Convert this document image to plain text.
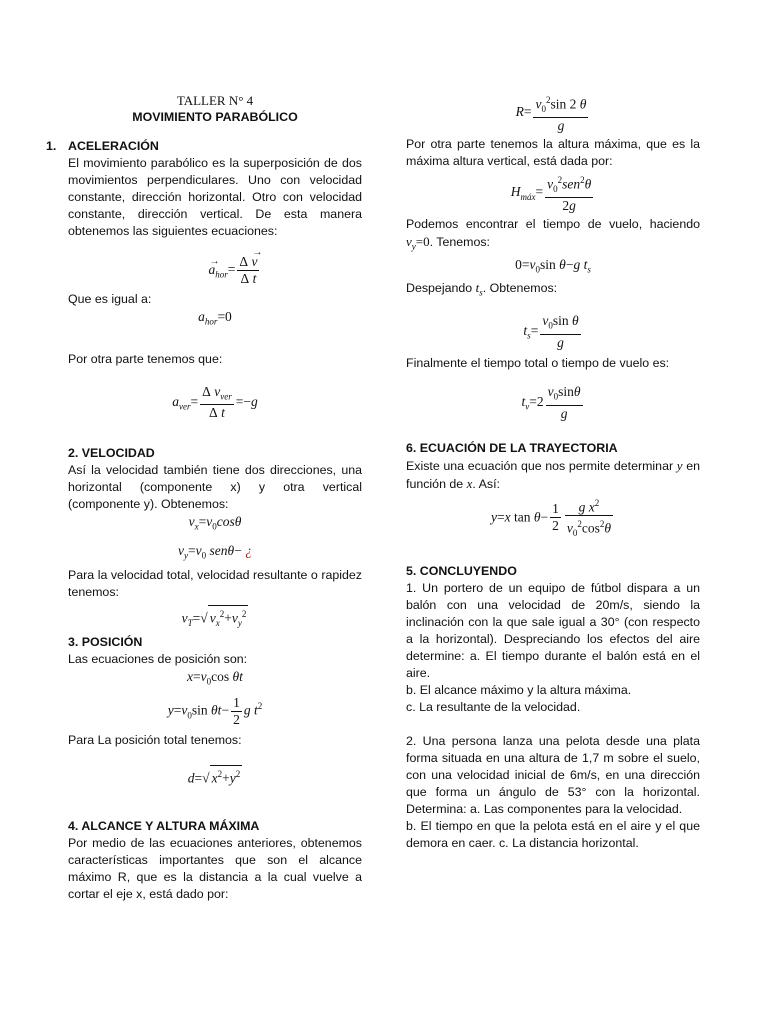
TALLER N° 4
MOVIMIENTO PARABÓLICO
1. ACELERACIÓN
El movimiento parabólico es la superposición de dos movimientos perpendiculares. Uno con velocidad constante, dirección horizontal. Otro con velocidad constante, dirección vertical. De esta manera obtenemos las siguientes ecuaciones:
a
→
$_{hor}$= Δ v
→
Δ t
Que es igual a:
$a_{hor}=0$
Por otra parte tenemos que:
$a_{ver}= \frac{\Delta v_{ver}}{\text{Δ t}} =-g$
2. VELOCIDAD
Así la velocidad también tiene dos direcciones, una horizontal (componente x) y otra vertical (componente y). Obtenemos:
$v_x=v_0\cos\theta$
$v_y=v_0$ senθ− ¿
Para la velocidad total, velocidad resultante o rapidez tenemos:
$v_T=√$ $v_x^2+v_y^2$
3. POSICIÓN
Las ecuaciones de posición son:
$x=v_0\cos$ θt
$y=v_0\sin$ $\theta t- \frac{1}{2}$ g $t^2$
Para La posición total tenemos:
d=√ $x^2+y^2$
4. ALCANCE Y ALTURA MÁXIMA
Por medio de las ecuaciones anteriores, obtenemos características importantes que son el alcance máximo R, que es la distancia a la cual vuelve a cortar el eje x, está dado por:
$R= \frac{v_0^2\sin 2 \theta}{g}$
Por otra parte tenemos la altura máxima, que es la máxima altura vertical, está dada por:
$H_{máx}= \frac{v_0^2sen^2\theta}{2g}$
Podemos encontrar el tiempo de vuelo, haciendo $v_y=0$. Tenemos:
$0=v_0\sin$ θ−g $t_s$
Despejando $t_s$. Obtenemos:
$t_s= \frac{v_0\sin \theta}{g}$
Finalmente el tiempo total o tiempo de vuelo es:
$t_v=2 \frac{v_0\sin\theta}{g}$
6. ECUACIÓN DE LA TRAYECTORIA
Existe una ecuación que nos permite determinar y en función de x. Así:
y=x $\tan \theta- \frac{1}{2} \frac{g x^2}{v_0^2\cos^2\theta}$
5. CONCLUYENDO
1. Un portero de un equipo de fútbol dispara a un balón con una velocidad de 20m/s, siendo la inclinación con la que sale igual a 30° (con respecto a la horizontal). Despreciando los efectos del aire determine: a. El tiempo durante el balón está en el aire.
b. El alcance máximo y la altura máxima.
c. La resultante de la velocidad.
2. Una persona lanza una pelota desde una plata forma situada en una altura de 1,7 m sobre el suelo, con una velocidad inicial de 6m/s, en una dirección que forma un ángulo de 53° con la horizontal. Determina: a. Las componentes para la velocidad.
b. El tiempo en que la pelota está en el aire y el que demora en caer. c. La distancia horizontal.
